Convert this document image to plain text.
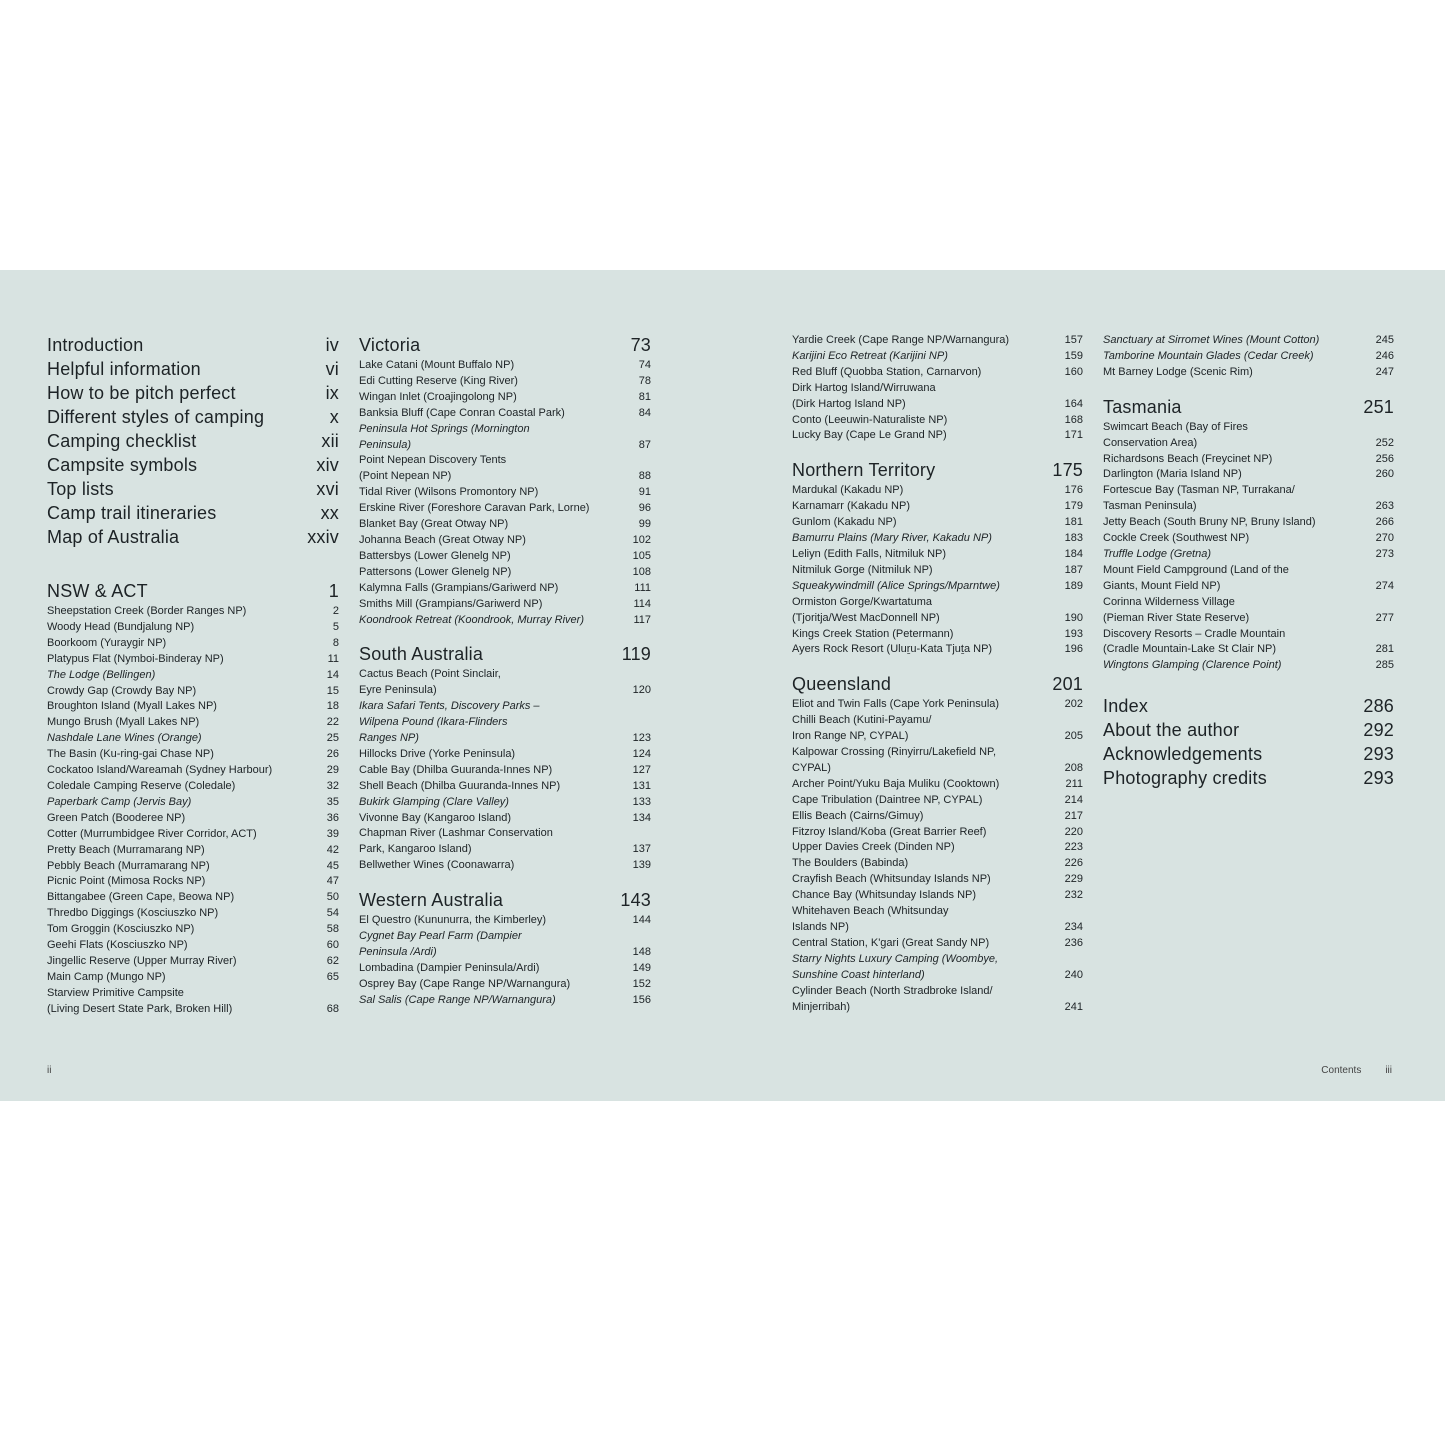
Introduction	iv
Helpful information	vi
How to be pitch perfect	ix
Different styles of camping	x
Camping checklist	xii
Campsite symbols	xiv
Top lists	xvi
Camp trail itineraries	xx
Map of Australia	xxiv
NSW & ACT	1
Sheepstation Creek (Border Ranges NP)	2
Woody Head (Bundjalung NP)	5
Boorkoom (Yuraygir NP)	8
Platypus Flat (Nymboi-Binderay NP)	11
The Lodge (Bellingen)	14
Crowdy Gap (Crowdy Bay NP)	15
Broughton Island (Myall Lakes NP)	18
Mungo Brush (Myall Lakes NP)	22
Nashdale Lane Wines (Orange)	25
The Basin (Ku-ring-gai Chase NP)	26
Cockatoo Island/Wareamah (Sydney Harbour)	29
Coledale Camping Reserve (Coledale)	32
Paperbark Camp (Jervis Bay)	35
Green Patch (Booderee NP)	36
Cotter (Murrumbidgee River Corridor, ACT)	39
Pretty Beach (Murramarang NP)	42
Pebbly Beach (Murramarang NP)	45
Picnic Point (Mimosa Rocks NP)	47
Bittangabee (Green Cape, Beowa NP)	50
Thredbo Diggings (Kosciuszko NP)	54
Tom Groggin (Kosciuszko NP)	58
Geehi Flats (Kosciuszko NP)	60
Jingellic Reserve (Upper Murray River)	62
Main Camp (Mungo NP)	65
Starview Primitive Campsite
(Living Desert State Park, Broken Hill)	68
Victoria	73
Lake Catani (Mount Buffalo NP)	74
Edi Cutting Reserve (King River)	78
Wingan Inlet (Croajingolong NP)	81
Banksia Bluff (Cape Conran Coastal Park)	84
Peninsula Hot Springs (Mornington
Peninsula)	87
Point Nepean Discovery Tents
(Point Nepean NP)	88
Tidal River (Wilsons Promontory NP)	91
Erskine River (Foreshore Caravan Park, Lorne)	96
Blanket Bay (Great Otway NP)	99
Johanna Beach (Great Otway NP)	102
Battersbys (Lower Glenelg NP)	105
Pattersons (Lower Glenelg NP)	108
Kalymna Falls (Grampians/Gariwerd NP)	111
Smiths Mill (Grampians/Gariwerd NP)	114
Koondrook Retreat (Koondrook, Murray River)	117
South Australia	119
Cactus Beach (Point Sinclair,
Eyre Peninsula)	120
Ikara Safari Tents, Discovery Parks –
Wilpena Pound (Ikara-Flinders
Ranges NP)	123
Hillocks Drive (Yorke Peninsula)	124
Cable Bay (Dhilba Guuranda-Innes NP)	127
Shell Beach (Dhilba Guuranda-Innes NP)	131
Bukirk Glamping (Clare Valley)	133
Vivonne Bay (Kangaroo Island)	134
Chapman River (Lashmar Conservation
Park, Kangaroo Island)	137
Bellwether Wines (Coonawarra)	139
Western Australia	143
El Questro (Kununurra, the Kimberley)	144
Cygnet Bay Pearl Farm (Dampier
Peninsula /Ardi)	148
Lombadina (Dampier Peninsula/Ardi)	149
Osprey Bay (Cape Range NP/Warnangura)	152
Sal Salis (Cape Range NP/Warnangura)	156
Yardie Creek (Cape Range NP/Warnangura)	157
Karijini Eco Retreat (Karijini NP)	159
Red Bluff (Quobba Station, Carnarvon)	160
Dirk Hartog Island/Wirruwana
(Dirk Hartog Island NP)	164
Conto (Leeuwin-Naturaliste NP)	168
Lucky Bay (Cape Le Grand NP)	171
Northern Territory	175
Mardukal (Kakadu NP)	176
Karnamarr (Kakadu NP)	179
Gunlom (Kakadu NP)	181
Bamurru Plains (Mary River, Kakadu NP)	183
Leliyn (Edith Falls, Nitmiluk NP)	184
Nitmiluk Gorge (Nitmiluk NP)	187
Squeakywindmill (Alice Springs/Mparntwe)	189
Ormiston Gorge/Kwartatuma
(Tjoritja/West MacDonnell NP)	190
Kings Creek Station (Petermann)	193
Ayers Rock Resort (Uluṟu-Kata Tjuṯa NP)	196
Queensland	201
Eliot and Twin Falls (Cape York Peninsula)	202
Chilli Beach (Kutini-Payamu/
Iron Range NP, CYPAL)	205
Kalpowar Crossing (Rinyirru/Lakefield NP,
CYPAL)	208
Archer Point/Yuku Baja Muliku (Cooktown)	211
Cape Tribulation (Daintree NP, CYPAL)	214
Ellis Beach (Cairns/Gimuy)	217
Fitzroy Island/Koba (Great Barrier Reef)	220
Upper Davies Creek (Dinden NP)	223
The Boulders (Babinda)	226
Crayfish Beach (Whitsunday Islands NP)	229
Chance Bay (Whitsunday Islands NP)	232
Whitehaven Beach (Whitsunday
Islands NP)	234
Central Station, K'gari (Great Sandy NP)	236
Starry Nights Luxury Camping (Woombye,
Sunshine Coast hinterland)	240
Cylinder Beach (North Stradbroke Island/
Minjerribah)	241
Sanctuary at Sirromet Wines (Mount Cotton)	245
Tamborine Mountain Glades (Cedar Creek)	246
Mt Barney Lodge (Scenic Rim)	247
Tasmania	251
Swimcart Beach (Bay of Fires
Conservation Area)	252
Richardsons Beach (Freycinet NP)	256
Darlington (Maria Island NP)	260
Fortescue Bay (Tasman NP, Turrakana/
Tasman Peninsula)	263
Jetty Beach (South Bruny NP, Bruny Island)	266
Cockle Creek (Southwest NP)	270
Truffle Lodge (Gretna)	273
Mount Field Campground (Land of the
Giants, Mount Field NP)	274
Corinna Wilderness Village
(Pieman River State Reserve)	277
Discovery Resorts – Cradle Mountain
(Cradle Mountain-Lake St Clair NP)	281
Wingtons Glamping (Clarence Point)	285
Index	286
About the author	292
Acknowledgements	293
Photography credits	293
ii	Contents iii
